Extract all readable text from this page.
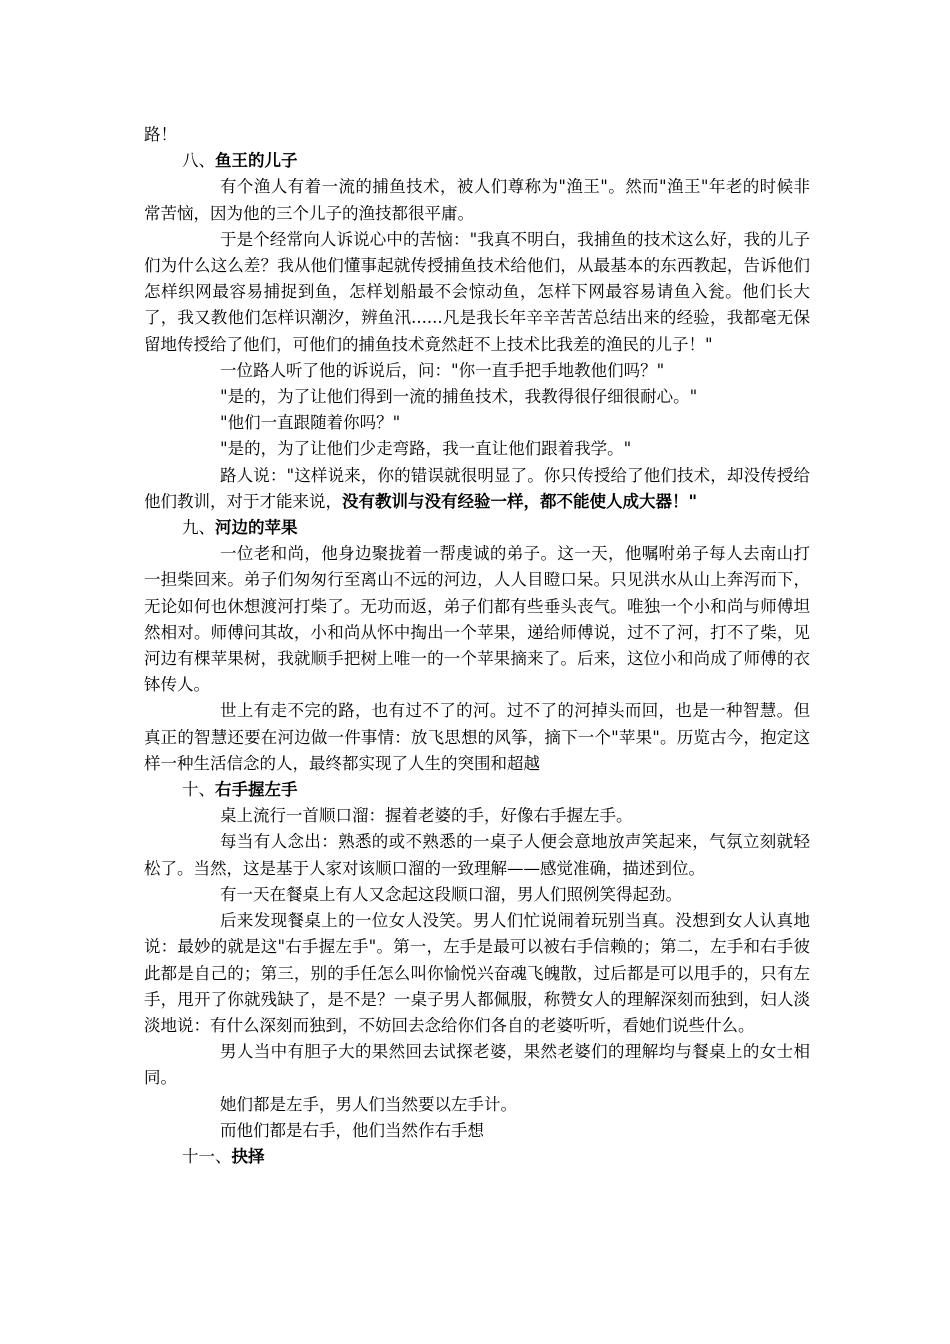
路！

八、鱼王的儿子

有个渔人有着一流的捕鱼技术，被人们尊称为"渔王"。然而"渔王"年老的时候非常苦恼，因为他的三个儿子的渔技都很平庸。

于是个经常向人诉说心中的苦恼："我真不明白，我捕鱼的技术这么好，我的儿子们为什么这么差？我从他们懂事起就传授捕鱼技术给他们，从最基本的东西教起，告诉他们怎样织网最容易捕捉到鱼，怎样划船最不会惊动鱼，怎样下网最容易请鱼入瓮。他们长大了，我又教他们怎样识潮汐，辨鱼汛......凡是我长年辛辛苦苦总结出来的经验，我都毫无保留地传授给了他们，可他们的捕鱼技术竟然赶不上技术比我差的渔民的儿子！"

一位路人听了他的诉说后，问："你一直手把手地教他们吗？"

"是的，为了让他们得到一流的捕鱼技术，我教得很仔细很耐心。"

"他们一直跟随着你吗？"

"是的，为了让他们少走弯路，我一直让他们跟着我学。"

路人说："这样说来，你的错误就很明显了。你只传授给了他们技术，却没传授给他们教训，对于才能来说，没有教训与没有经验一样，都不能使人成大器！"

九、河边的苹果

一位老和尚，他身边聚拢着一帮虔诚的弟子。这一天，他嘱咐弟子每人去南山打一担柴回来。弟子们匆匆行至离山不远的河边，人人目瞪口呆。只见洪水从山上奔泻而下，无论如何也休想渡河打柴了。无功而返，弟子们都有些垂头丧气。唯独一个小和尚与师傅坦然相对。师傅问其故，小和尚从怀中掏出一个苹果，递给师傅说，过不了河，打不了柴，见河边有棵苹果树，我就顺手把树上唯一的一个苹果摘来了。后来，这位小和尚成了师傅的衣钵传人。

世上有走不完的路，也有过不了的河。过不了的河掉头而回，也是一种智慧。但真正的智慧还要在河边做一件事情：放飞思想的风筝，摘下一个"苹果"。历览古今，抱定这样一种生活信念的人，最终都实现了人生的突围和超越

十、右手握左手

桌上流行一首顺口溜：握着老婆的手，好像右手握左手。

每当有人念出：熟悉的或不熟悉的一桌子人便会意地放声笑起来，气氛立刻就轻松了。当然，这是基于人家对该顺口溜的一致理解——感觉准确，描述到位。

有一天在餐桌上有人又念起这段顺口溜，男人们照例笑得起劲。

后来发现餐桌上的一位女人没笑。男人们忙说闹着玩别当真。没想到女人认真地说：最妙的就是这"右手握左手"。第一，左手是最可以被右手信赖的；第二，左手和右手彼此都是自己的；第三，别的手任怎么叫你愉悦兴奋魂飞魄散，过后都是可以甩手的，只有左手，甩开了你就残缺了，是不是？一桌子男人都佩服，称赞女人的理解深刻而独到，妇人淡淡地说：有什么深刻而独到，不妨回去念给你们各自的老婆听听，看她们说些什么。

男人当中有胆子大的果然回去试探老婆，果然老婆们的理解均与餐桌上的女士相同。

她们都是左手，男人们当然要以左手计。

而他们都是右手，他们当然作右手想

十一、抉择
